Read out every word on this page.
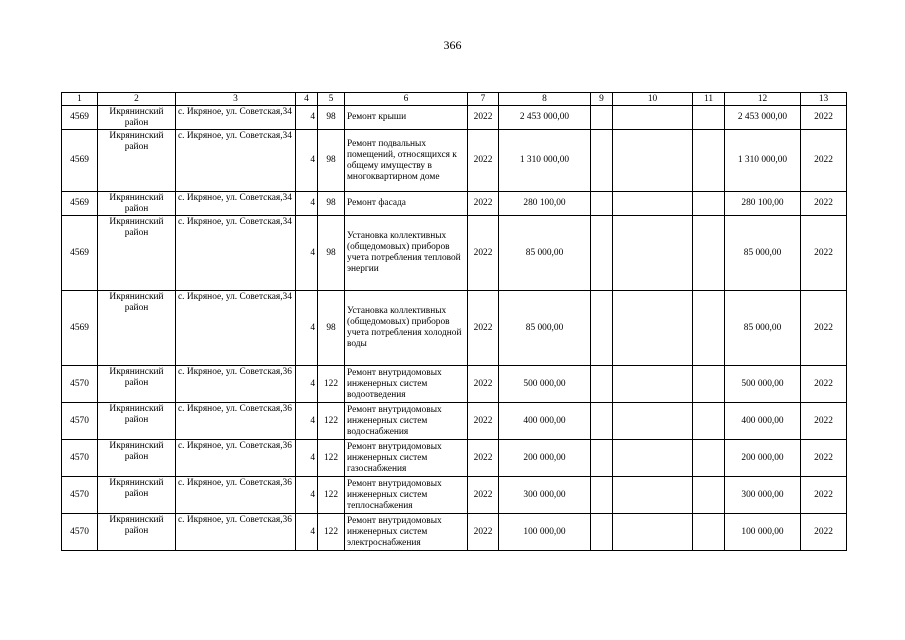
366
1	2	3	4	5	6	7	8	9	10	11	12	13
4569	Икрянинский район	с. Икряное, ул. Советская,34	4	98	Ремонт крыши	2022	2 453 000,00				2 453 000,00	2022
4569	Икрянинский район	с. Икряное, ул. Советская,34	4	98	Ремонт подвальных помещений, относящихся к общему имуществу в многоквартирном доме	2022	1 310 000,00				1 310 000,00	2022
4569	Икрянинский район	с. Икряное, ул. Советская,34	4	98	Ремонт фасада	2022	280 100,00				280 100,00	2022
4569	Икрянинский район	с. Икряное, ул. Советская,34	4	98	Установка коллективных (общедомовых) приборов учета потребления тепловой энергии	2022	85 000,00				85 000,00	2022
4569	Икрянинский район	с. Икряное, ул. Советская,34	4	98	Установка коллективных (общедомовых) приборов учета потребления холодной воды	2022	85 000,00				85 000,00	2022
4570	Икрянинский район	с. Икряное, ул. Советская,36	4	122	Ремонт внутридомовых инженерных систем водоотведения	2022	500 000,00				500 000,00	2022
4570	Икрянинский район	с. Икряное, ул. Советская,36	4	122	Ремонт внутридомовых инженерных систем водоснабжения	2022	400 000,00				400 000,00	2022
4570	Икрянинский район	с. Икряное, ул. Советская,36	4	122	Ремонт внутридомовых инженерных систем газоснабжения	2022	200 000,00				200 000,00	2022
4570	Икрянинский район	с. Икряное, ул. Советская,36	4	122	Ремонт внутридомовых инженерных систем теплоснабжения	2022	300 000,00				300 000,00	2022
4570	Икрянинский район	с. Икряное, ул. Советская,36	4	122	Ремонт внутридомовых инженерных систем электроснабжения	2022	100 000,00				100 000,00	2022
